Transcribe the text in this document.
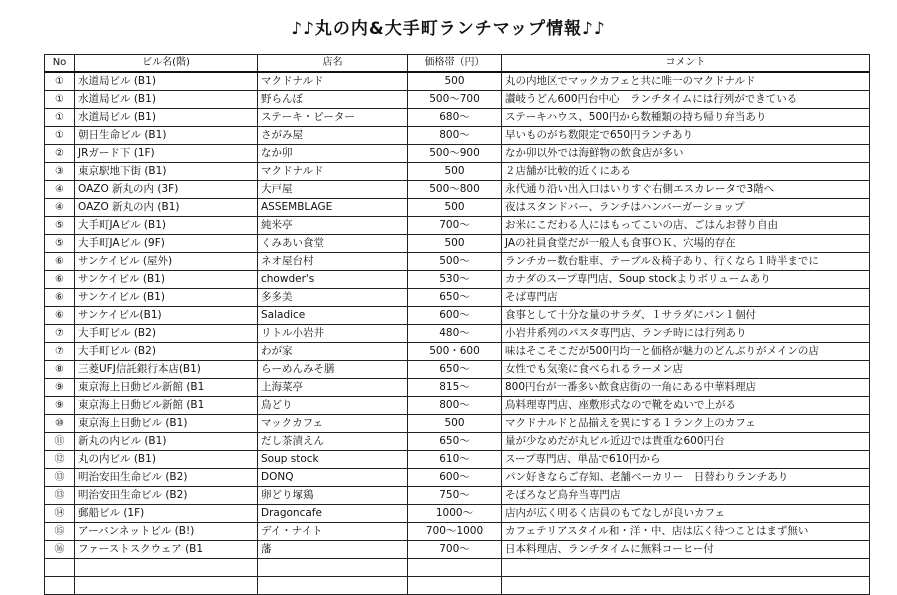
♪♪丸の内&大手町ランチマップ情報♪♪
No	ビル名(階)	店名	価格帯（円）	コメント
①	水道局ビル (B1)	マクドナルド	500	丸の内地区でマックカフェと共に唯一のマクドナルド
①	水道局ビル (B1)	野らんぼ	500～700	讃岐うどん600円台中心　ランチタイムには行列ができている
①	水道局ビル (B1)	ステーキ・ピーター	680～	ステーキハウス、500円から数種類の持ち帰り弁当あり
①	朝日生命ビル (B1)	さがみ屋	800～	早いものがち数限定で650円ランチあり
②	JRガード下 (1F)	なか卯	500～900	なか卯以外では海鮮物の飲食店が多い
③	東京駅地下街 (B1)	マクドナルド	500	２店舗が比較的近くにある
④	OAZO 新丸の内 (3F)	大戸屋	500～800	永代通り沿い出入口はいりすぐ右側エスカレータで3階へ
④	OAZO 新丸の内 (B1)	ASSEMBLAGE	500	夜はスタンドバー、ランチはハンバーガーショップ
⑤	大手町JAビル (B1)	純米亭	700～	お米にこだわる人にはもってこいの店、ごはんお替り自由
⑤	大手町JAビル (9F)	くみあい食堂	500	JAの社員食堂だが一般人も食事ＯＫ、穴場的存在
⑥	サンケイビル (屋外)	ネオ屋台村	500～	ランチカー数台駐車、テーブル＆椅子あり、行くなら１時半までに
⑥	サンケイビル (B1)	chowder's	530～	カナダのスープ専門店、Soup stockよりボリュームあり
⑥	サンケイビル (B1)	多多美	650～	そば専門店
⑥	サンケイビル(B1)	Saladice	600～	食事として十分な量のサラダ、１サラダにパン１個付
⑦	大手町ビル (B2)	リトル小岩井	480～	小岩井系列のパスタ専門店、ランチ時には行列あり
⑦	大手町ビル (B2)	わが家	500・600	味はそこそこだが500円均一と価格が魅力のどんぶりがメインの店
⑧	三菱UFJ信託銀行本店(B1)	らーめんみそ膳	650～	女性でも気楽に食べられるラーメン店
⑨	東京海上日動ビル新館 (B1	上海菜亭	815～	800円台が一番多い飲食店街の一角にある中華料理店
⑨	東京海上日動ビル新館 (B1	鳥どり	800～	鳥料理専門店、座敷形式なので靴をぬいで上がる
⑩	東京海上日動ビル (B1)	マックカフェ	500	マクドナルドと品揃えを異にする１ランク上のカフェ
⑪	新丸の内ビル (B1)	だし茶漬えん	650～	量が少なめだが丸ビル近辺では貴重な600円台
⑫	丸の内ビル (B1)	Soup stock	610～	スープ専門店、単品で610円から
⑬	明治安田生命ビル (B2)	DONQ	600～	パン好きならご存知、老舗ベーカリー　日替わりランチあり
⑬	明治安田生命ビル (B2)	卵どり塚鶏	750～	そぼろなど鳥弁当専門店
⑭	郵船ビル (1F)	Dragoncafe	1000～	店内が広く明るく店員のもてなしが良いカフェ
⑮	アーバンネットビル (B!)	デイ・ナイト	700～1000	カフェテリアスタイル和・洋・中、店は広く待つことはまず無い
⑯	ファーストスクウェア (B1	藩	700～	日本料理店、ランチタイムに無料コーヒー付
